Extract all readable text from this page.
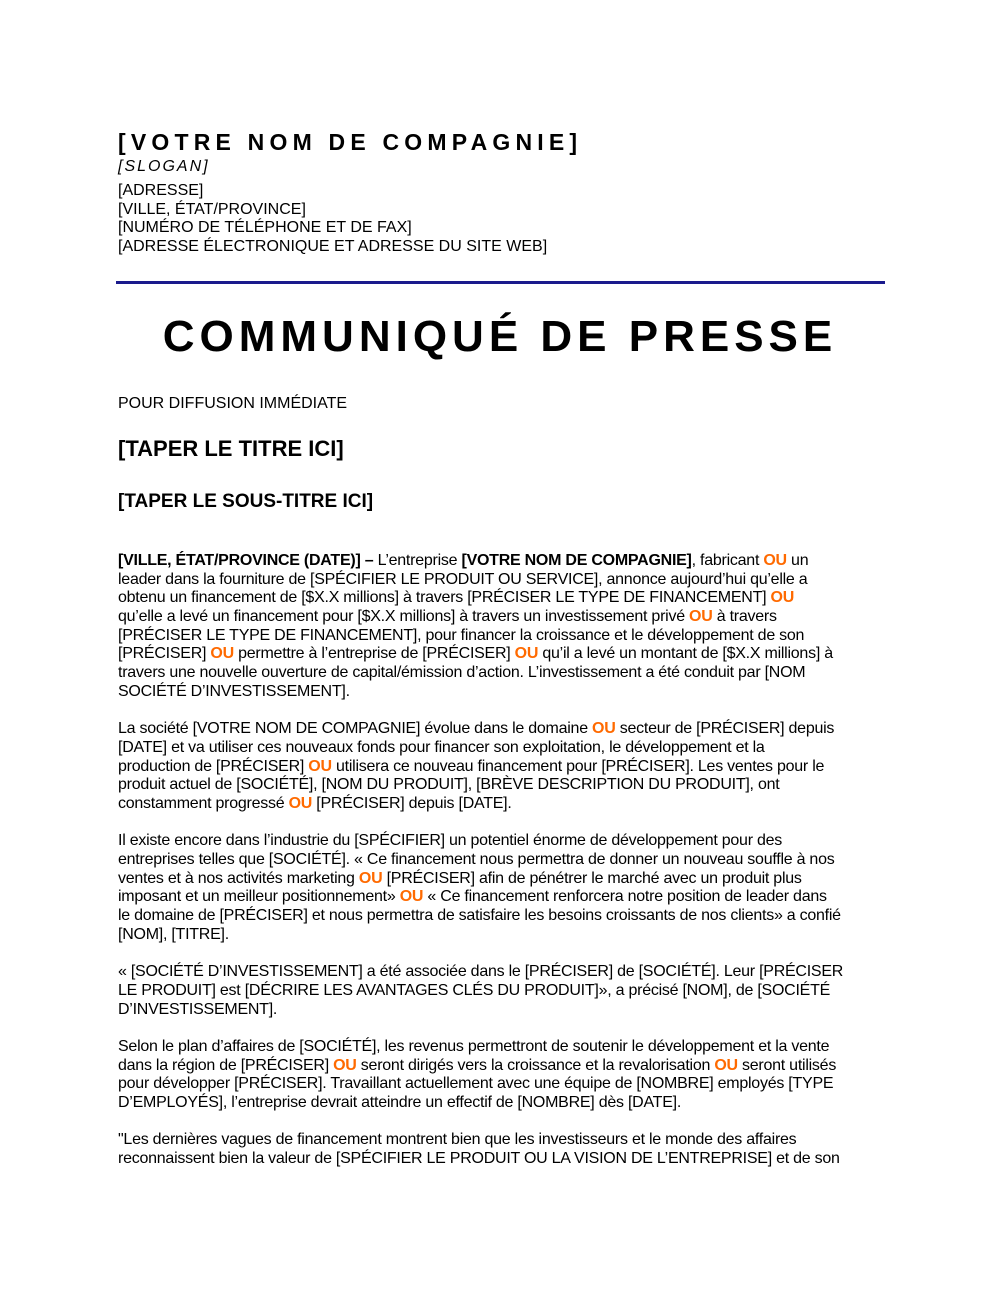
[VOTRE NOM DE COMPAGNIE]
[SLOGAN]
[ADRESSE]
[VILLE, ÉTAT/PROVINCE]
[NUMÉRO DE TÉLÉPHONE ET DE FAX]
[ADRESSE ÉLECTRONIQUE ET ADRESSE DU SITE WEB]
COMMUNIQUÉ DE PRESSE
POUR DIFFUSION IMMÉDIATE
[TAPER LE TITRE ICI]
[TAPER LE SOUS-TITRE ICI]
[VILLE, ÉTAT/PROVINCE (DATE)] – L’entreprise [VOTRE NOM DE COMPAGNIE], fabricant OU un
leader dans la fourniture de [SPÉCIFIER LE PRODUIT OU SERVICE], annonce aujourd’hui qu’elle a
obtenu un financement de [$X.X millions] à travers [PRÉCISER LE TYPE DE FINANCEMENT] OU
qu’elle a levé un financement pour [$X.X millions] à travers un investissement privé OU à travers
[PRÉCISER LE TYPE DE FINANCEMENT], pour financer la croissance et le développement de son
[PRÉCISER] OU permettre à l’entreprise de [PRÉCISER] OU qu’il a levé un montant de [$X.X millions] à
travers une nouvelle ouverture de capital/émission d’action. L’investissement a été conduit par [NOM
SOCIÉTÉ D’INVESTISSEMENT].
La société [VOTRE NOM DE COMPAGNIE] évolue dans le domaine OU secteur de [PRÉCISER] depuis
[DATE] et va utiliser ces nouveaux fonds pour financer son exploitation, le développement et la
production de [PRÉCISER] OU utilisera ce nouveau financement pour [PRÉCISER]. Les ventes pour le
produit actuel de [SOCIÉTÉ], [NOM DU PRODUIT], [BRÈVE DESCRIPTION DU PRODUIT], ont
constamment progressé OU [PRÉCISER] depuis [DATE].
Il existe encore dans l’industrie du [SPÉCIFIER] un potentiel énorme de développement pour des
entreprises telles que [SOCIÉTÉ]. « Ce financement nous permettra de donner un nouveau souffle à nos
ventes et à nos activités marketing OU [PRÉCISER] afin de pénétrer le marché avec un produit plus
imposant et un meilleur positionnement» OU « Ce financement renforcera notre position de leader dans
le domaine de [PRÉCISER] et nous permettra de satisfaire les besoins croissants de nos clients» a confié
[NOM], [TITRE].
« [SOCIÉTÉ D’INVESTISSEMENT] a été associée dans le [PRÉCISER] de [SOCIÉTÉ]. Leur [PRÉCISER
LE PRODUIT] est [DÉCRIRE LES AVANTAGES CLÉS DU PRODUIT]», a précisé [NOM], de [SOCIÉTÉ
D’INVESTISSEMENT].
Selon le plan d’affaires de [SOCIÉTÉ], les revenus permettront de soutenir le développement et la vente
dans la région de [PRÉCISER] OU seront dirigés vers la croissance et la revalorisation OU seront utilisés
pour développer [PRÉCISER]. Travaillant actuellement avec une équipe de [NOMBRE] employés [TYPE
D’EMPLOYÉS], l’entreprise devrait atteindre un effectif de [NOMBRE] dès [DATE].
"Les dernières vagues de financement montrent bien que les investisseurs et le monde des affaires
reconnaissent bien la valeur de [SPÉCIFIER LE PRODUIT OU LA VISION DE L’ENTREPRISE] et de son
